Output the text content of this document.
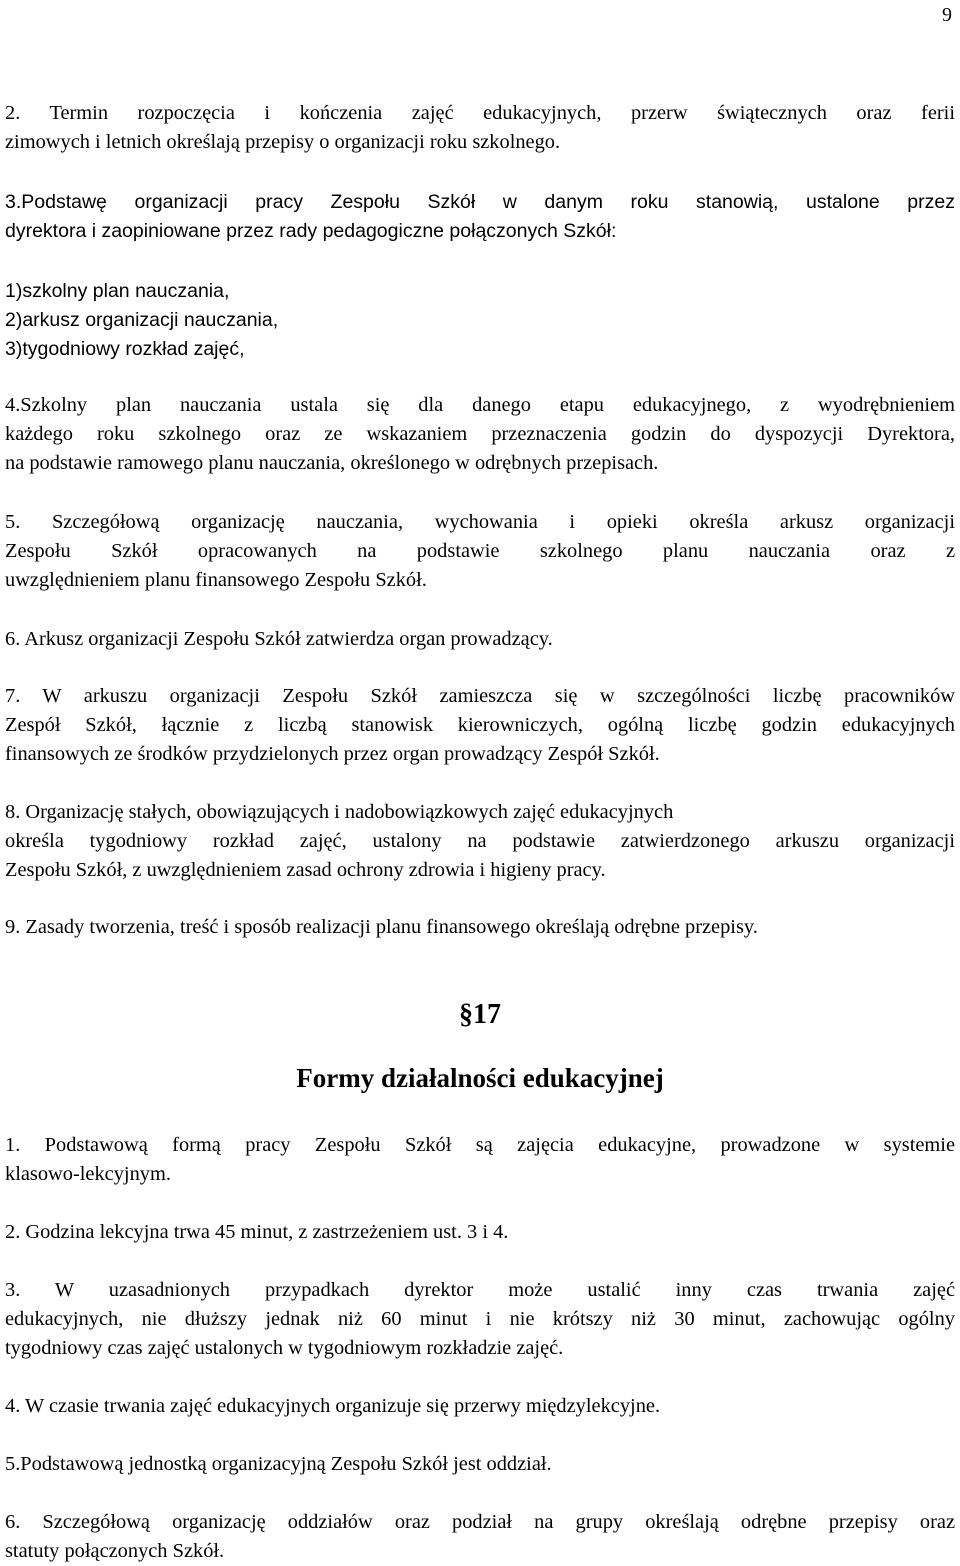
9

2. Termin rozpoczęcia i kończenia zajęć edukacyjnych, przerw świątecznych oraz ferii

zimowych i letnich określają przepisy o organizacji roku szkolnego.

3.Podstawę organizacji pracy Zespołu Szkół w danym roku stanowią, ustalone przez

dyrektora i zaopiniowane przez rady pedagogiczne połączonych Szkół:

1)szkolny plan nauczania,

2)arkusz organizacji nauczania,

3)tygodniowy rozkład zajęć,

4.Szkolny plan nauczania ustala się dla danego etapu edukacyjnego, z wyodrębnieniem

każdego roku szkolnego oraz ze wskazaniem przeznaczenia godzin do dyspozycji Dyrektora,

na podstawie ramowego planu nauczania, określonego w odrębnych przepisach.

5. Szczegółową organizację nauczania, wychowania i opieki określa arkusz organizacji

Zespołu Szkół opracowanych na podstawie szkolnego planu nauczania oraz z

uwzględnieniem planu finansowego Zespołu Szkół.

6. Arkusz organizacji Zespołu Szkół zatwierdza organ prowadzący.

7. W arkuszu organizacji Zespołu Szkół zamieszcza się w szczególności liczbę pracowników

Zespół Szkół, łącznie z liczbą stanowisk kierowniczych, ogólną liczbę godzin edukacyjnych

finansowych ze środków przydzielonych przez organ prowadzący Zespół Szkół.

8. Organizację stałych, obowiązujących i nadobowiązkowych zajęć edukacyjnych

określa tygodniowy rozkład zajęć, ustalony na podstawie zatwierdzonego arkuszu organizacji

Zespołu Szkół, z uwzględnieniem zasad ochrony zdrowia i higieny pracy.

9. Zasady tworzenia, treść i sposób realizacji planu finansowego określają odrębne przepisy.

§17

Formy działalności edukacyjnej

1. Podstawową formą pracy Zespołu Szkół są zajęcia edukacyjne, prowadzone w systemie

klasowo-lekcyjnym.

2. Godzina lekcyjna trwa 45 minut, z zastrzeżeniem ust. 3 i 4.

3. W uzasadnionych przypadkach dyrektor może ustalić inny czas trwania zajęć

edukacyjnych, nie dłuższy jednak niż 60 minut i nie krótszy niż 30 minut, zachowując ogólny

tygodniowy czas zajęć ustalonych w tygodniowym rozkładzie zajęć.

4. W czasie trwania zajęć edukacyjnych organizuje się przerwy międzylekcyjne.

5.Podstawową jednostką organizacyjną Zespołu Szkół jest oddział.

6. Szczegółową organizację oddziałów oraz podział na grupy określają odrębne przepisy oraz

statuty połączonych Szkół.
